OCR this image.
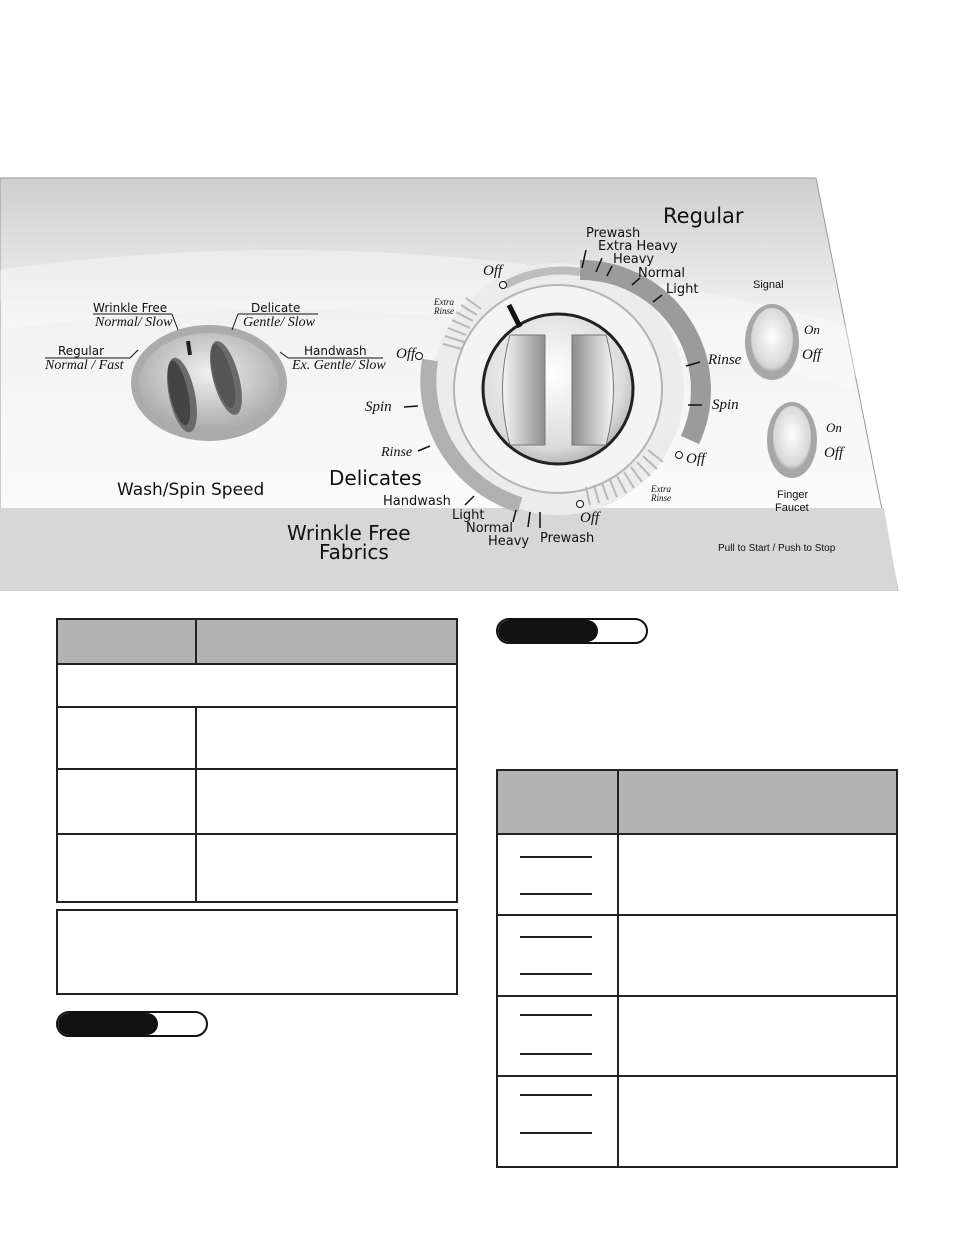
Regular
Normal / Fast
Wrinkle Free
Normal/ Slow
Delicate
Gentle/ Slow
Handwash
Ex. Gentle/ Slow
Wash/Spin Speed
Regular
Delicates
Wrinkle Free
Fabrics
Prewash
Extra Heavy
Heavy
Normal
Light
Rinse
Spin
Off
Off
Extra Rinse
Extra Rinse
Off
Spin
Rinse
Handwash
Light
Normal
Heavy Prewash
Off
Signal
On
Off
On
Off
Finger
Faucet
Pull to Start / Push to Stop
